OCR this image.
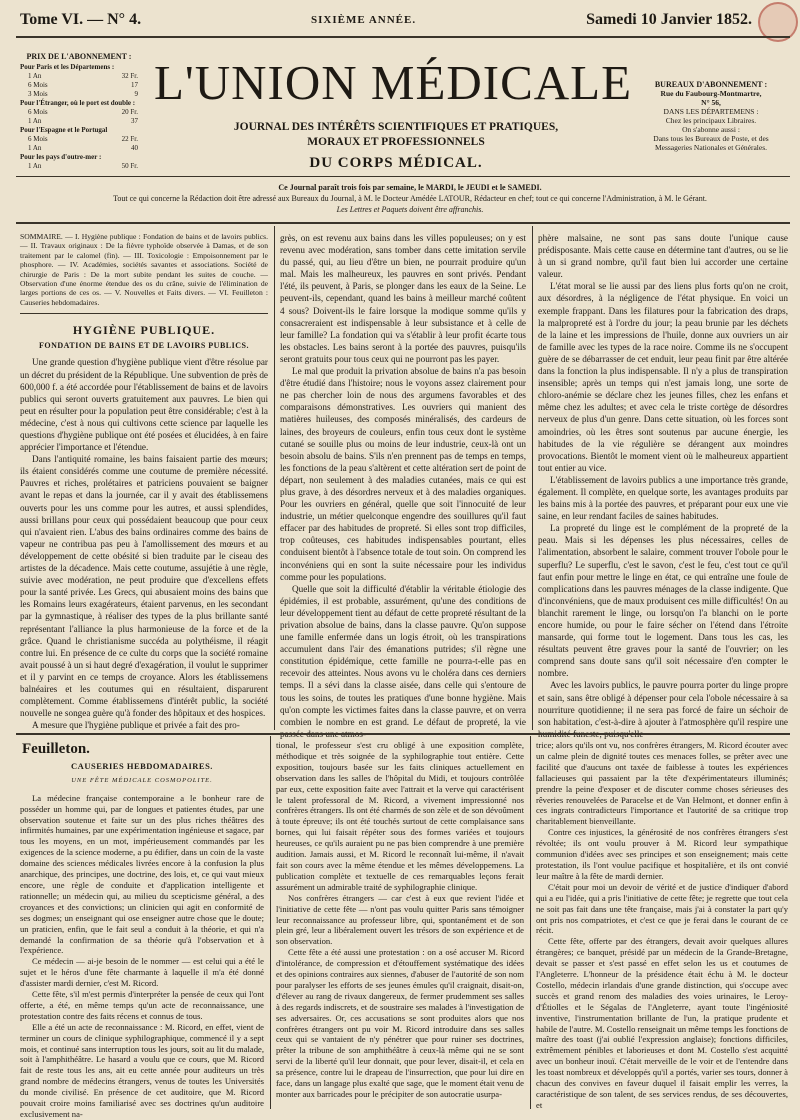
Tome VI. — N° 4.	SIXIÈME ANNÉE.	Samedi 10 Janvier 1852.
PRIX DE L'ABONNEMENT :
Pour Paris et les Départemens :
1 An	32 Fr.
6 Mois	17
3 Mois	9
Pour l'Étranger, où le port est double :
6 Mois	20 Fr.
1 An	37
Pour l'Espagne et le Portugal
6 Mois	22 Fr.
1 An	40
Pour les pays d'outre-mer :
1 An	50 Fr.
L'UNION MÉDICALE
JOURNAL DES INTÉRÊTS SCIENTIFIQUES ET PRATIQUES, MORAUX ET PROFESSIONNELS
DU CORPS MÉDICAL.
BUREAUX D'ABONNEMENT :
Rue du Faubourg-Montmartre,
N° 56,
DANS LES DÉPARTEMENS :
Chez les principaux Libraires.
On s'abonne aussi :
Dans tous les Bureaux de Poste, et des Messageries Nationales et Générales.
Ce Journal paraît trois fois par semaine, le MARDI, le JEUDI et le SAMEDI.
Tout ce qui concerne la Rédaction doit être adressé aux Bureaux du Journal, à M. le Docteur Amédée LATOUR, Rédacteur en chef; tout ce qui concerne l'Administration, à M. le Gérant.
Les Lettres et Paquets doivent être affranchis.
SOMMAIRE. — I. Hygiène publique : Fondation de bains et de lavoirs publics. — II. Travaux originaux : De la fièvre typhoïde observée à Damas, et de son traitement par le calomel (fin). — III. Toxicologie : Empoisonnement par le phosphore. — IV. Académies, sociétés savantes et associations. Société de chirurgie de Paris : De la mort subite pendant les suites de couche. — Observation d'une énorme étendue des os du crâne, suivie de l'élimination de larges portions de ces os. — V. Nouvelles et Faits divers. — VI. Feuilleton : Causeries hebdomadaires.
HYGIÈNE PUBLIQUE.
FONDATION DE BAINS ET DE LAVOIRS PUBLICS.

Une grande question d'hygiène publique vient d'être résolue par un décret du président de la République. Une subvention de près de 600,000 f. a été accordée pour l'établissement de bains et de lavoirs publics qui seront ouverts gratuitement aux pauvres. Le bien qui peut en résulter pour la population peut être considérable; c'est à la médecine, c'est à nous qui cultivons cette science par laquelle les questions d'hygiène publique ont été posées et élucidées, à en faire apprécier l'importance et l'étendue.

Dans l'antiquité romaine, les bains faisaient partie des mœurs; ils étaient considérés comme une coutume de première nécessité. Pauvres et riches, prolétaires et patriciens pouvaient se baigner avant le repas et dans la journée, car il y avait des établissemens ouverts pour les uns comme pour les autres, et aussi splendides, aussi brillans pour ceux qui possédaient beaucoup que pour ceux qui n'avaient rien. L'abus des bains ordinaires comme des bains de vapeur ne contribua pas peu à l'amollissement des mœurs et au développement de cette obésité si bien traduite par le ciseau des artistes de la décadence. Mais cette coutume, assujétie à une règle, suivie avec modération, ne peut produire que d'excellens effets pour la santé privée. Les Grecs, qui abusaient moins des bains que les Romains leurs exagérateurs, étaient parvenus, en les secondant par la gymnastique, à réaliser des types de la plus brillante santé représentant l'alliance la plus harmonieuse de la force et de la grâce. Quand le christianisme succéda au polythéisme, il réagit contre lui. En présence de ce culte du corps que la société romaine avait poussé à un si haut degré d'exagération, il voulut le supprimer et il y parvint en ce temps de croyance. Alors les établissemens balnéaires et les coutumes qui en résultaient, disparurent complètement. Comme établissemens d'intérêt public, la société nouvelle ne songea guère qu'à fonder des hôpitaux et des hospices.

A mesure que l'hygiène publique et privée a fait des pro-

grès, on est revenu aux bains dans les villes populeuses; on y est revenu avec modération, sans tomber dans cette imitation servile du passé, qui, au lieu d'être un bien, ne pourrait produire qu'un mal. Mais les malheureux, les pauvres en sont privés. Pendant l'été, ils peuvent, à Paris, se plonger dans les eaux de la Seine. Le peuvent-ils, cependant, quand les bains à meilleur marché coûtent 4 sous? Doivent-ils le faire lorsque la modique somme qu'ils y consacreraient est indispensable à leur subsistance et à celle de leur famille? La fondation qui va s'établir à leur profit écarte tous les obstacles. Les bains seront à la portée des pauvres, puisqu'ils seront gratuits pour tous ceux qui ne pourront pas les payer.

Le mal que produit la privation absolue de bains n'a pas besoin d'être étudié dans l'histoire; nous le voyons assez clairement pour ne pas chercher loin de nous des argumens favorables et des comparaisons démonstratives. Les ouvriers qui manient des matières huileuses, des composés minéralisés, des cardeurs de laines, des broyeurs de couleurs, enfin tous ceux dont le système cutané se souille plus ou moins de leur industrie, ceux-là ont un besoin absolu de bains. S'ils n'en prennent pas de temps en temps, les fonctions de la peau s'altèrent et cette altération sert de point de départ, non seulement à des maladies cutanées, mais ce qui est plus grave, à des désordres nerveux et à des maladies organiques. Pour les ouvriers en général, quelle que soit l'innocuité de leur industrie, un métier quelconque engendre des souillures qu'il faut effacer par des habitudes de propreté. Si elles sont trop difficiles, trop coûteuses, ces habitudes indispensables pourtant, elles conduisent bientôt à l'absence totale de tout soin. On comprend les inconvéniens qui en sont la suite nécessaire pour les individus comme pour les populations.

Quelle que soit la difficulté d'établir la véritable étiologie des épidémies, il est probable, assurément, qu'une des conditions de leur développement tient au défaut de cette propreté résultant de la privation absolue de bains, dans la classe pauvre. Qu'on suppose une famille enfermée dans un logis étroit, où les transpirations accumulent dans l'air des émanations putrides; s'il règne une constitution épidémique, cette famille ne pourra-t-elle pas en recevoir des atteintes. Nous avons vu le choléra dans ces derniers temps. Il a sévi dans la classe aisée, dans celle qui s'entoure de tous les soins, de toutes les pratiques d'une bonne hygiène. Mais qu'on compte les victimes faites dans la classe pauvre, et on verra combien le nombre en est grand. Le défaut de propreté, la vie

phère malsaine, ne sont pas sans doute l'unique cause prédisposante. Mais cette cause en détermine tant d'autres, ou se lie à un si grand nombre, qu'il faut bien lui accorder une certaine valeur.

L'état moral se lie aussi par des liens plus forts qu'on ne croit, aux désordres, à la négligence de l'état physique. En voici un exemple frappant. Dans les filatures pour la fabrication des draps, la malpropreté est à l'ordre du jour; la peau brunie par les déchets de la laine et les impressions de l'huile, donne aux ouvriers un air de famille avec les types de la race noire. Comme ils ne s'occupent guère de se débarrasser de cet enduit, leur peau finit par être altérée dans la fonction la plus indispensable. Il n'y a plus de transpiration insensible; après un temps qui n'est jamais long, une sorte de chloro-anémie se déclare chez les jeunes filles, chez les enfans et même chez les adultes; et avec cela le triste cortège de désordres nerveux de plus d'un genre. Dans cette situation, où les forces sont amoindries, où les êtres sont soutenus par aucune énergie, les habitudes de la vie régulière se dérangent aux moindres provocations. Bientôt le moment vient où le malheureux appartient tout entier au vice.

L'établissement de lavoirs publics a une importance très grande, également. Il complète, en quelque sorte, les avantages produits par les bains mis à la portée des pauvres, et préparant pour eux une vie saine, en leur rendant faciles de saines habitudes.

La propreté du linge est le complément de la propreté de la peau. Mais si les dépenses les plus nécessaires, celles de l'alimentation, absorbent le salaire, comment trouver l'obole pour le superflu? Le superflu, c'est le savon, c'est le feu, c'est tout ce qu'il faut enfin pour mettre le linge en état, ce qui entraîne une foule de complications dans les pauvres ménages de la classe indigente. Que d'inconvéniens, que de maux produisent ces mille difficultés! On au blanchit rarement le linge, ou lorsqu'on l'a blanchi on le porte encore humide, ou pour le faire sécher on l'étend dans l'étroite mansarde, qui forme tout le logement. Dans tous les cas, les résultats peuvent être graves pour la santé de l'ouvrier; on les comprend sans doute sans qu'il soit nécessaire d'en compter le nombre.

Avec les lavoirs publics, le pauvre pourra porter du linge propre et sain, sans être obligé à dépenser pour cela l'obole nécessaire à sa nourriture quotidienne; il ne sera pas forcé de faire un séchoir de son habitation, c'est-à-dire à ajouter à l'atmosphère qu'il respire une

Feuilleton.
CAUSERIES HEBDOMADAIRES.
UNE FÊTE MÉDICALE COSMOPOLITE.

La médecine française contemporaine a le bonheur rare de posséder un homme qui, par de longues et patientes études, par une observation soutenue et faite sur un des plus riches théâtres des infirmités humaines, par une expérimentation ingénieuse et sagace, par tous les moyens, en un mot, impérieusement commandés par les exigences de la science moderne, a pu édifier, dans un coin de la vaste domaine des sciences médicales livrées encore à la confusion la plus anarchique, des principes, une doctrine, des lois, et, ce qui vaut mieux encore, une règle de conduite et d'application intelligente et rationnelle; un médecin qui, au milieu du scepticisme général, a des croyances et des convictions; un clinicien qui agit en conformité de ses dogmes; un enseignant qui ose enseigner autre chose que le doute; un praticien, enfin, que le fait seul a conduit à la théorie, et qui n'a demandé la confirmation de sa théorie qu'à l'observation et à l'expérience.

Ce médecin — ai-je besoin de le nommer — est celui qui a été le sujet et le héros d'une fête charmante à laquelle il m'a été donné d'assister mardi dernier, c'est M. Ricord.

Cette fête, s'il m'est permis d'interpréter la pensée de ceux qui l'ont offerte, a été, en même temps qu'un acte de reconnaissance, une protestation contre des faits récens et connus de tous.

Elle a été un acte de reconnaissance : M. Ricord, en effet, vient de terminer un cours de clinique syphilographique, commencé il y a sept mois, et continué sans interruption tous les jours, soit au lit du malade, soit à l'amphithéâtre. Le hasard a voulu que ce cours, que M. Ricord fait de reste tous les ans, ait eu cette année pour auditeurs un très grand nombre de médecins étrangers, venus de toutes les Universités du monde civilisé. En présence de cet auditoire, que M. Ricord pouvait croire moins familiarisé avec ses doctrines qu'un auditoire exclusivement na-

tional, le professeur s'est cru obligé à une exposition complète, méthodique et très soignée de la syphilographie tout entière. Cette exposition, toujours basée sur les faits cliniques actuellement en observation dans les salles de l'hôpital du Midi, et toujours contrôlée par eux, cette exposition faite avec l'attrait et la verve qui caractérisent le talent professoral de M. Ricord, a vivement impressionné nos confrères étrangers. Ils ont été charmés de son zèle et de son dévoûment à toute épreuve; ils ont été touchés surtout de cette complaisance sans bornes, qui lui faisait répéter sous des formes variées et toujours heureuses, ce qu'ils auraient pu ne pas bien comprendre à une première audition. Jamais aussi, et M. Ricord le reconnaît lui-même, il n'avait fait son cours avec la même étendue et les mêmes développemens. La publication complète et textuelle de ces remarquables leçons ferait assurément un admirable traité de syphilographie clinique.

Nos confrères étrangers — car c'est à eux que revient l'idée et l'initiative de cette fête — n'ont pas voulu quitter Paris sans témoigner leur reconnaissance au professeur libre, qui, spontanément et de son plein gré, leur a libéralement ouvert les trésors de son expérience et de son observation.

Cette fête a été aussi une protestation : on a osé accuser M. Ricord d'intolérance, de compression et d'étouffement systématique des idées et des opinions contraires aux siennes, d'abuser de l'autorité de son nom pour paralyser les efforts de ses jeunes émules qu'il craignait, disait-on, d'élever au rang de rivaux dangereux, de fermer prudemment ses salles à des regards indiscrets, et de soustraire ses malades à l'investigation de ses adversaires. Or, ces accusations se sont produites alors que nos confrères étrangers ont pu voir M. Ricord introduire dans ses salles ceux qui se vantaient de n'y pénétrer que pour ruiner ses doctrines, prêter la tribune de son amphithéâtre à ceux-là même qui ne se sont servi de la liberté qu'il leur donnait, que pour lever, disait-il, et cela en sa présence, contre lui le drapeau de l'insurrection, que pour lui dire en face, dans un langage plus exalté que sage, que le moment était venu de monter aux barricades pour le précipiter de son autocratie usurpa-

trice; alors qu'ils ont vu, nos confrères étrangers, M. Ricord écouter avec un calme plein de dignité toutes ces menaces folles, se prêter avec une facilité que d'aucuns ont taxée de faiblesse à toutes les expériences fallacieuses qui passaient par la tête d'expérimentateurs illuminés; prendre la peine d'exposer et de discuter comme choses sérieuses des rêveries renouvelées de Paracelse et de Van Helmont, et donner enfin à ces ingrats contradicteurs l'importance et l'autorité de sa critique trop charitablement bienveillante.

Contre ces injustices, la générosité de nos confrères étrangers s'est révoltée; ils ont voulu prouver à M. Ricord leur sympathique communion d'idées avec ses principes et son enseignement; mais cette protestation, ils l'ont voulue pacifique et hospitalière, et ils ont convié leur maître à la fête de mardi dernier.

C'était pour moi un devoir de vérité et de justice d'indiquer d'abord qui a eu l'idée, qui a pris l'initiative de cette fête; je regrette que tout cela ne soit pas fait dans une tête française, mais j'ai à constater la part qu'y ont pris nos compatriotes, et c'est ce que je ferai dans le courant de ce récit.

Cette fête, offerte par des étrangers, devait avoir quelques allures étrangères; ce banquet, présidé par un médecin de la Grande-Bretagne, devait se passer et s'est passé en effet selon les us et coutumes de l'Angleterre. L'honneur de la présidence était échu à M. le docteur Costello, médecin irlandais d'une grande distinction, qui s'occupe avec succès et grand renom des maladies des voies urinaires, le Leroy-d'Étiolles et le Ségalas de l'Angleterre, ayant toute l'ingéniosité inventive, l'instrumentation brillante de l'un, la pratique prudente et habile de l'autre. M. Costello renseignait un même temps les fonctions de maître des toast (j'ai oublié l'expression anglaise); fonctions difficiles, extrêmement pénibles et laborieuses et dont M. Costello s'est acquitté avec un bonheur inouï. C'était merveille de le voir et de l'entendre dans les toast nombreux et développés qu'il a portés, varier ses tours, donner à chacun des convives en faveur duquel il faisait emplir les verres, la caractéristique de son talent, de ses services rendus, de ses découvertes, et
